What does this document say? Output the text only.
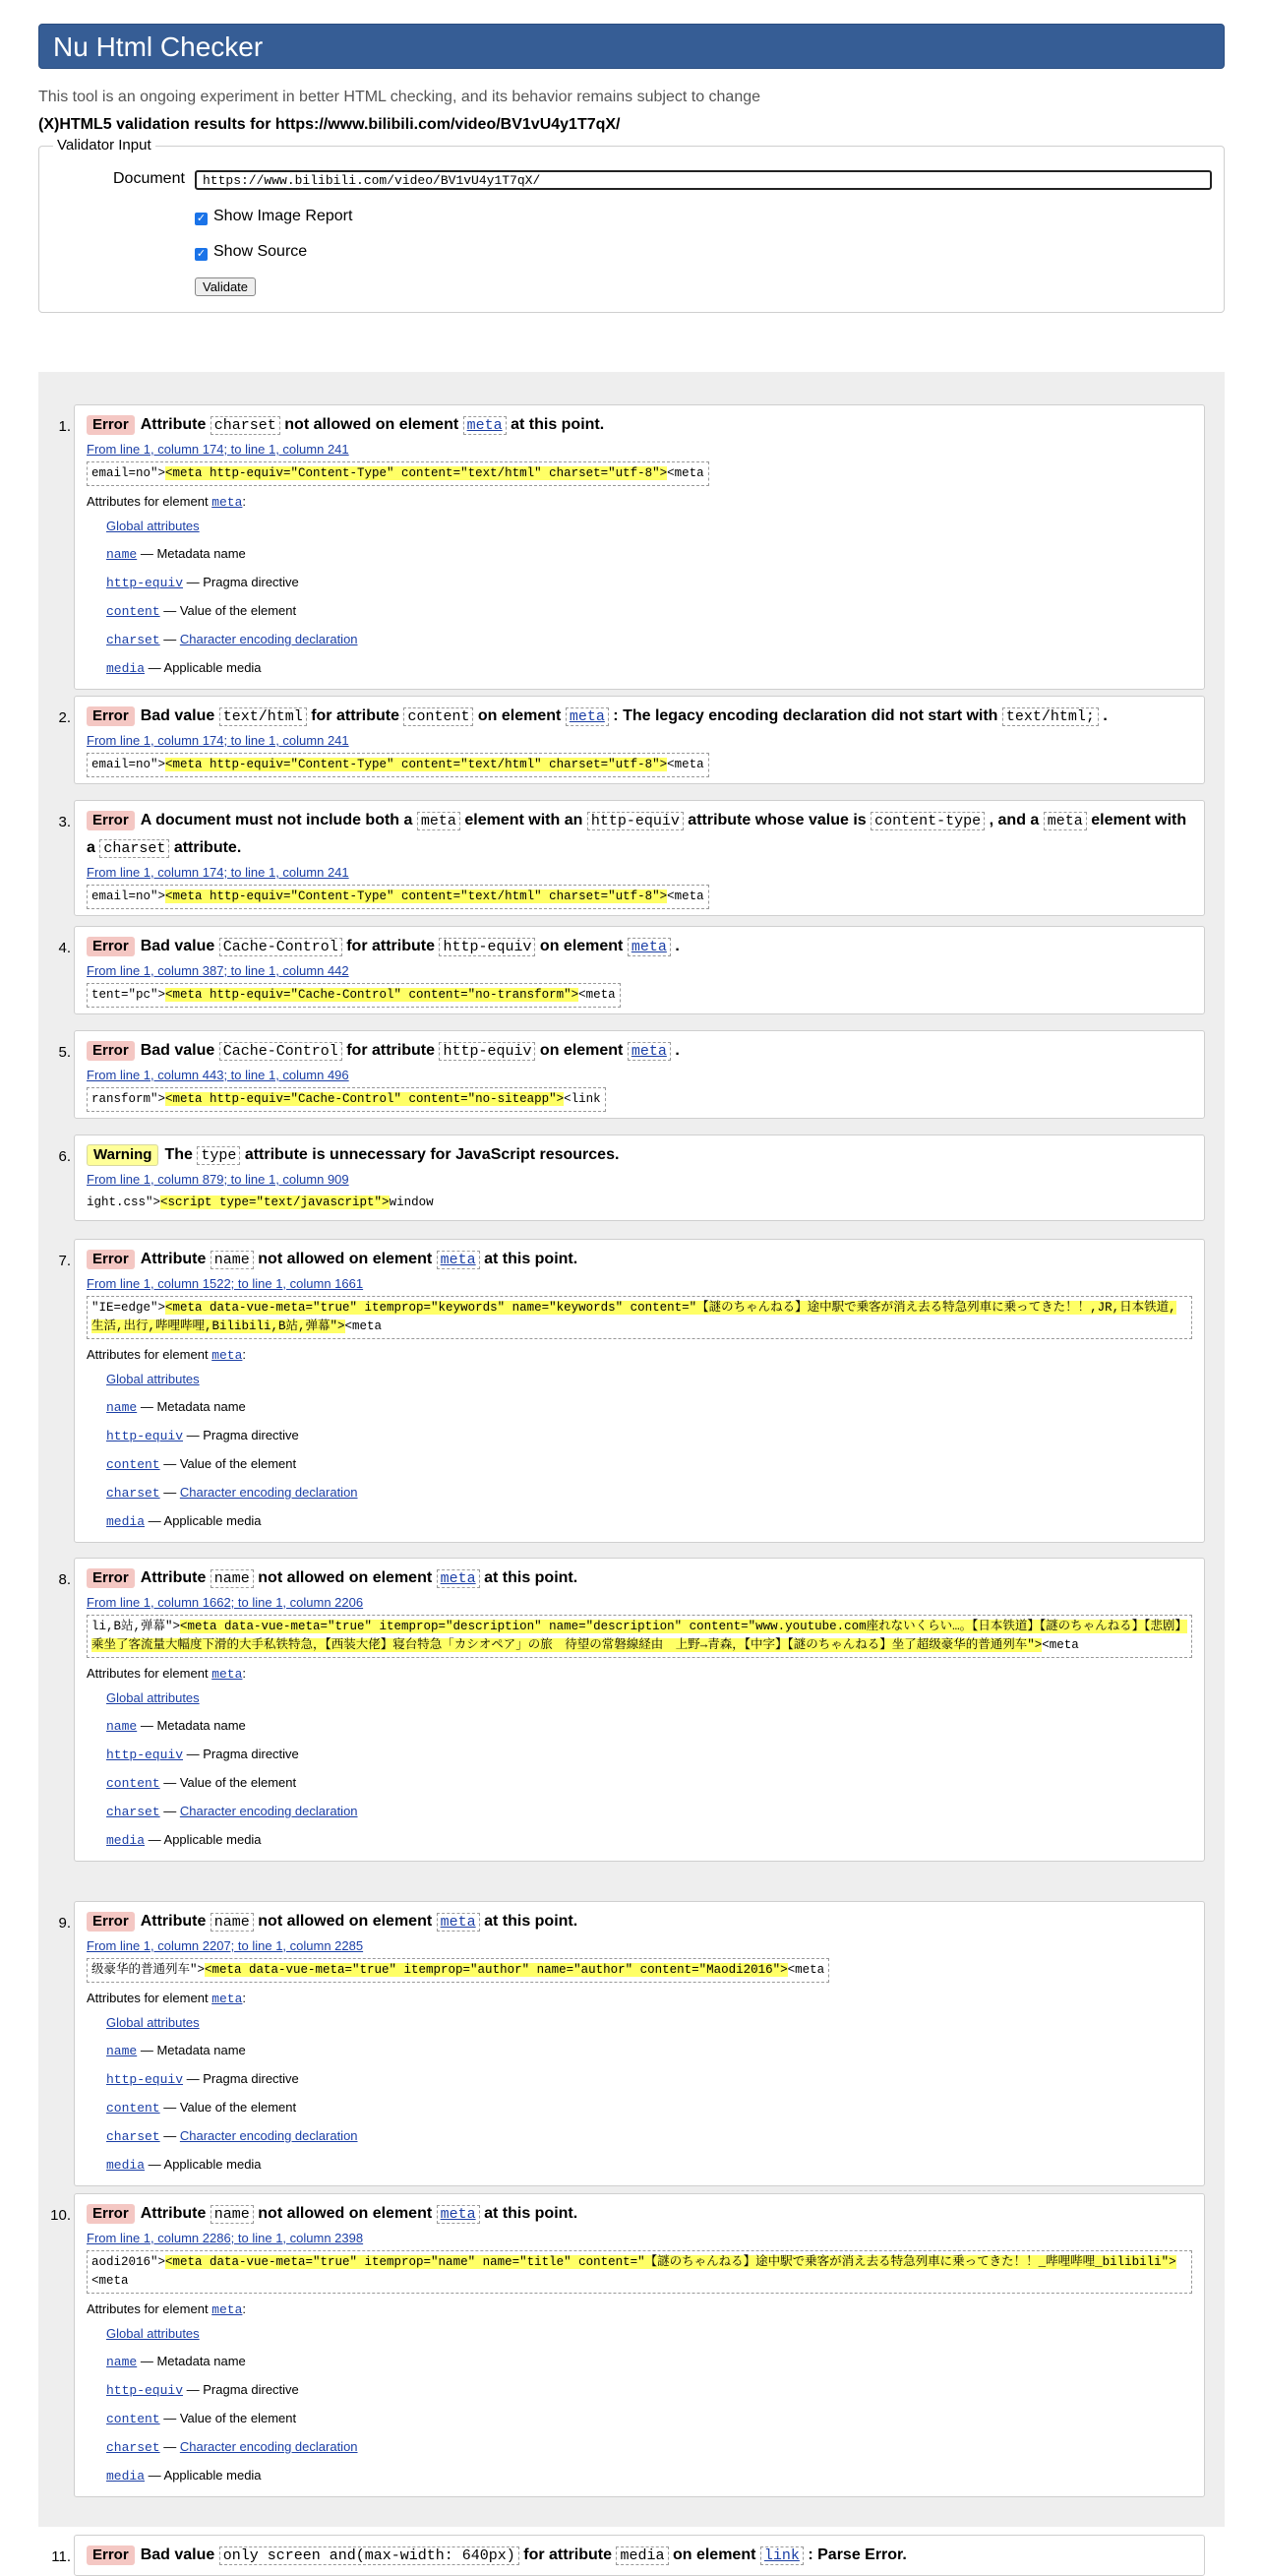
Nu Html Checker
This tool is an ongoing experiment in better HTML checking, and its behavior remains subject to change
(X)HTML5 validation results for https://www.bilibili.com/video/BV1vU4y1T7qX/
Validator Input
Document	https://www.bilibili.com/video/BV1vU4y1T7qX/
✓ Show Image Report
✓ Show Source
Validate
1.	Error Attribute charset not allowed on element meta at this point.
From line 1, column 174; to line 1, column 241
email=no"><meta http-equiv="Content-Type" content="text/html" charset="utf-8"><meta
Attributes for element meta:
Global attributes
name — Metadata name
http-equiv — Pragma directive
content — Value of the element
charset — Character encoding declaration
media — Applicable media
2.	Error Bad value text/html for attribute content on element meta : The legacy encoding declaration did not start with text/html; .
From line 1, column 174; to line 1, column 241
email=no"><meta http-equiv="Content-Type" content="text/html" charset="utf-8"><meta
3.	Error A document must not include both a meta element with an http-equiv attribute whose value is content-type , and a meta element with a charset attribute.
From line 1, column 174; to line 1, column 241
email=no"><meta http-equiv="Content-Type" content="text/html" charset="utf-8"><meta
4.	Error Bad value Cache-Control for attribute http-equiv on element meta .
From line 1, column 387; to line 1, column 442
tent="pc"><meta http-equiv="Cache-Control" content="no-transform"><meta
5.	Error Bad value Cache-Control for attribute http-equiv on element meta .
From line 1, column 443; to line 1, column 496
ransform"><meta http-equiv="Cache-Control" content="no-siteapp"><link
6.	Warning The type attribute is unnecessary for JavaScript resources.
From line 1, column 879; to line 1, column 909
ight.css"><script type="text/javascript">window
7.	Error Attribute name not allowed on element meta at this point.
From line 1, column 1522; to line 1, column 1661
"IE=edge"><meta data-vue-meta="true" itemprop="keywords" name="keywords" content="【謎のちゃんねる】途中駅で乗客が消え去る特急列車に乗ってきた！！,JR,日本铁道,生活,出行,哔哩哔哩,Bilibili,B站,弹幕"><meta
Attributes for element meta:
Global attributes
name — Metadata name
http-equiv — Pragma directive
content — Value of the element
charset — Character encoding declaration
media — Applicable media
8.	Error Attribute name not allowed on element meta at this point.
From line 1, column 1662; to line 1, column 2206
li,B站,弹幕"><meta data-vue-meta="true" itemprop="description" name="description" content="www.youtube.com座れないくらい…。【日本铁道】【謎のちゃんねる】【悲剧】乘坐了客流量大幅度下滑的大手私铁特急，【西装大佬】寝台特急「カシオペア」の旅　待望の常磐線経由　上野→青森，【中字】【謎のちゃんねる】坐了超级豪华的普通列车"><meta
Attributes for element meta:
Global attributes
name — Metadata name
http-equiv — Pragma directive
content — Value of the element
charset — Character encoding declaration
media — Applicable media
9.	Error Attribute name not allowed on element meta at this point.
From line 1, column 2207; to line 1, column 2285
级豪华的普通列车"><meta data-vue-meta="true" itemprop="author" name="author" content="Maodi2016"><meta
Attributes for element meta:
Global attributes
name — Metadata name
http-equiv — Pragma directive
content — Value of the element
charset — Character encoding declaration
media — Applicable media
10.	Error Attribute name not allowed on element meta at this point.
From line 1, column 2286; to line 1, column 2398
aodi2016"><meta data-vue-meta="true" itemprop="name" name="title" content="【謎のちゃんねる】途中駅で乗客が消え去る特急列車に乗ってきた！！_哔哩哔哩_bilibili"><meta
Attributes for element meta:
Global attributes
name — Metadata name
http-equiv — Pragma directive
content — Value of the element
charset — Character encoding declaration
media — Applicable media
11.	Error Bad value only screen and(max-width: 640px) for attribute media on element link : Parse Error.
